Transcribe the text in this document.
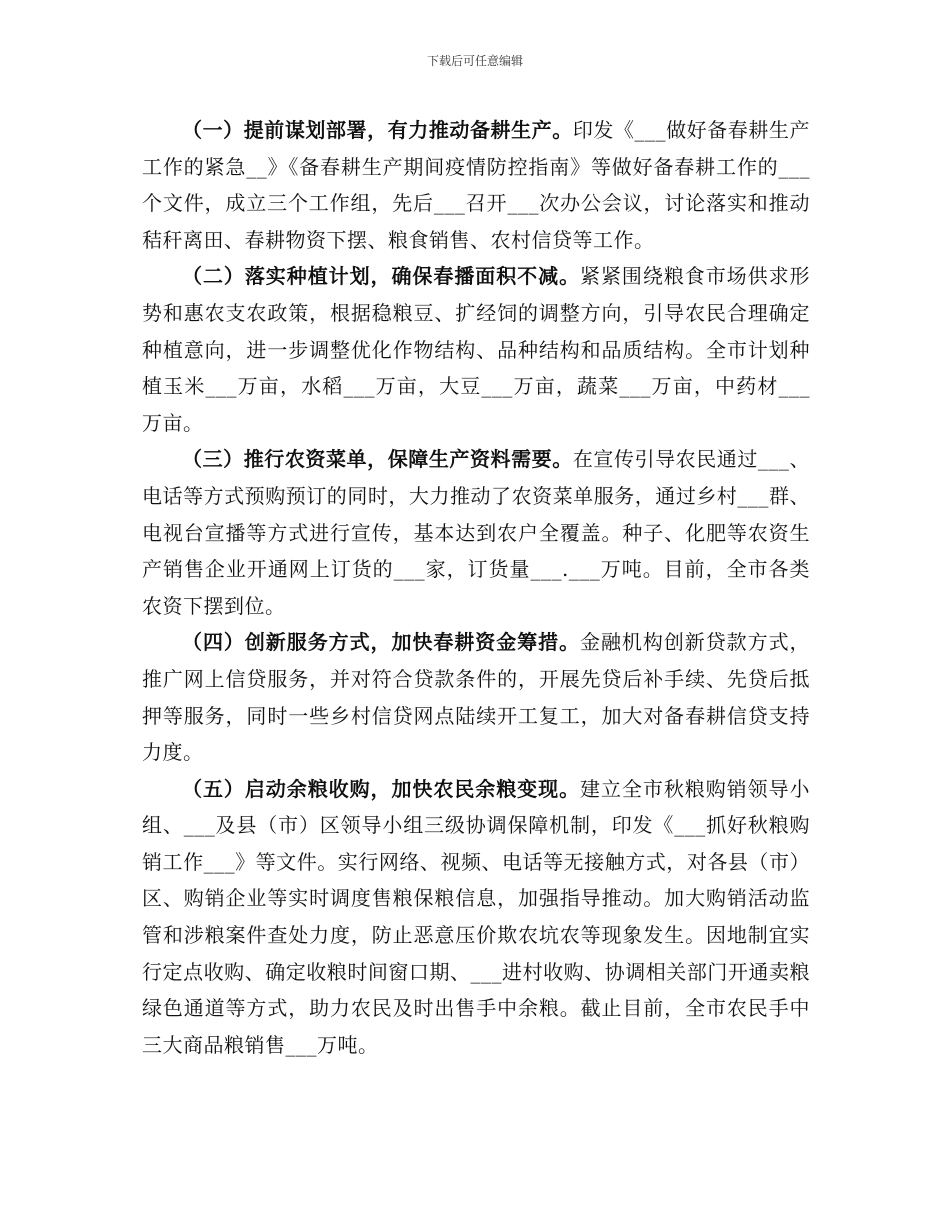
下载后可任意编辑

（一）提前谋划部署，有力推动备耕生产。印发《___做好备春耕生产工作的紧急__》《备春耕生产期间疫情防控指南》等做好备春耕工作的___个文件，成立三个工作组，先后___召开___次办公会议，讨论落实和推动秸秆离田、春耕物资下摆、粮食销售、农村信贷等工作。

（二）落实种植计划，确保春播面积不减。紧紧围绕粮食市场供求形势和惠农支农政策，根据稳粮豆、扩经饲的调整方向，引导农民合理确定种植意向，进一步调整优化作物结构、品种结构和品质结构。全市计划种植玉米___万亩，水稻___万亩，大豆___万亩，蔬菜___万亩，中药材___万亩。

（三）推行农资菜单，保障生产资料需要。在宣传引导农民通过___、电话等方式预购预订的同时，大力推动了农资菜单服务，通过乡村___群、电视台宣播等方式进行宣传，基本达到农户全覆盖。种子、化肥等农资生产销售企业开通网上订货的___家，订货量___.___万吨。目前，全市各类农资下摆到位。

（四）创新服务方式，加快春耕资金筹措。金融机构创新贷款方式，推广网上信贷服务，并对符合贷款条件的，开展先贷后补手续、先贷后抵押等服务，同时一些乡村信贷网点陆续开工复工，加大对备春耕信贷支持力度。

（五）启动余粮收购，加快农民余粮变现。建立全市秋粮购销领导小组、___及县（市）区领导小组三级协调保障机制，印发《___抓好秋粮购销工作___》等文件。实行网络、视频、电话等无接触方式，对各县（市）区、购销企业等实时调度售粮保粮信息，加强指导推动。加大购销活动监管和涉粮案件查处力度，防止恶意压价欺农坑农等现象发生。因地制宜实行定点收购、确定收粮时间窗口期、___进村收购、协调相关部门开通卖粮绿色通道等方式，助力农民及时出售手中余粮。截止目前，全市农民手中三大商品粮销售___万吨。
